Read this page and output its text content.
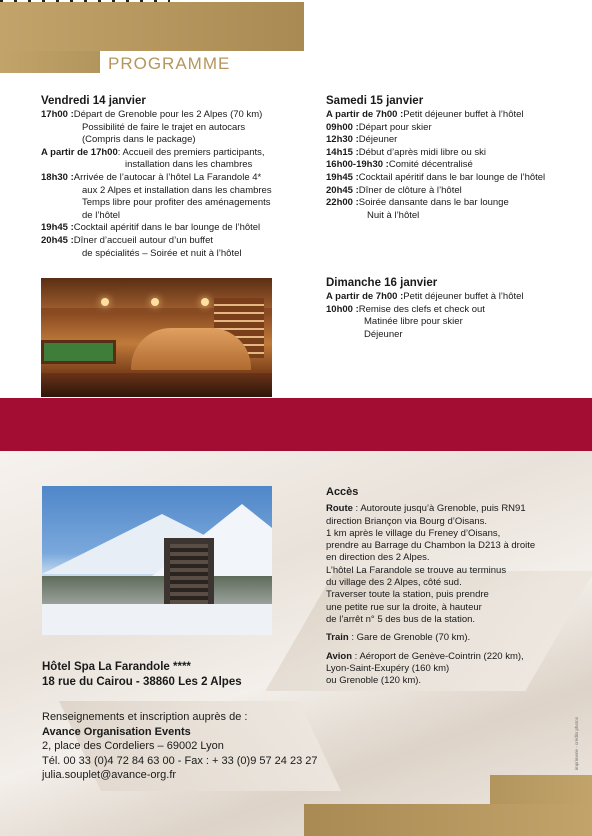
PROGRAMME
Vendredi 14 janvier
17h00 : Départ de Grenoble pour les 2 Alpes (70 km)
Possibilité de faire le trajet en autocars
(Compris dans le package)
A partir de 17h00 : Accueil des premiers participants,
installation dans les chambres
18h30 : Arrivée de l’autocar à l’hôtel La Farandole 4*
aux 2 Alpes et installation dans les chambres
Temps libre pour profiter des aménagements
de l’hôtel
19h45 : Cocktail apéritif dans le bar lounge de l’hôtel
20h45 : Dîner d’accueil autour d’un buffet
de spécialités – Soirée et nuit à l’hôtel
Samedi 15 janvier
A partir de 7h00 : Petit déjeuner buffet à l’hôtel
09h00 : Départ pour skier
12h30 : Déjeuner
14h15 : Début d’après midi libre ou ski
16h00-19h30 : Comité décentralisé
19h45 : Cocktail apéritif dans le bar lounge de l’hôtel
20h45 : Dîner de clôture à l’hôtel
22h00 : Soirée dansante dans le bar lounge
Nuit à l’hôtel
Dimanche 16 janvier
A partir de 7h00 : Petit déjeuner buffet à l’hôtel
10h00 : Remise des clefs et check out
Matinée libre pour skier
Déjeuner
Accès

Route : Autoroute jusqu’à Grenoble, puis RN91

direction Briançon via Bourg d’Oisans.

1 km après le village du Freney d’Oisans,

prendre au Barrage du Chambon la D213 à droite

en direction des 2 Alpes.

L’hôtel La Farandole se trouve au terminus

du village des 2 Alpes, côté sud.

Traverser toute la station, puis prendre

une petite rue sur la droite, à hauteur

de l’arrêt n° 5 des bus de la station.

Train : Gare de Grenoble (70 km).

Avion : Aéroport de Genève-Cointrin (220 km),

Lyon-Saint-Exupéry (160 km)

ou Grenoble (120 km).

Hôtel Spa La Farandole ****
18 rue du Cairou - 38860 Les 2 Alpes
Renseignements et inscription auprès de :
Avance Organisation Events
2, place des Cordeliers – 69002 Lyon
Tél. 00 33 (0)4 72 84 63 00 - Fax : + 33 (0)9 57 24 23 27
julia.souplet@avance-org.fr
imprimerie - crédits photos
